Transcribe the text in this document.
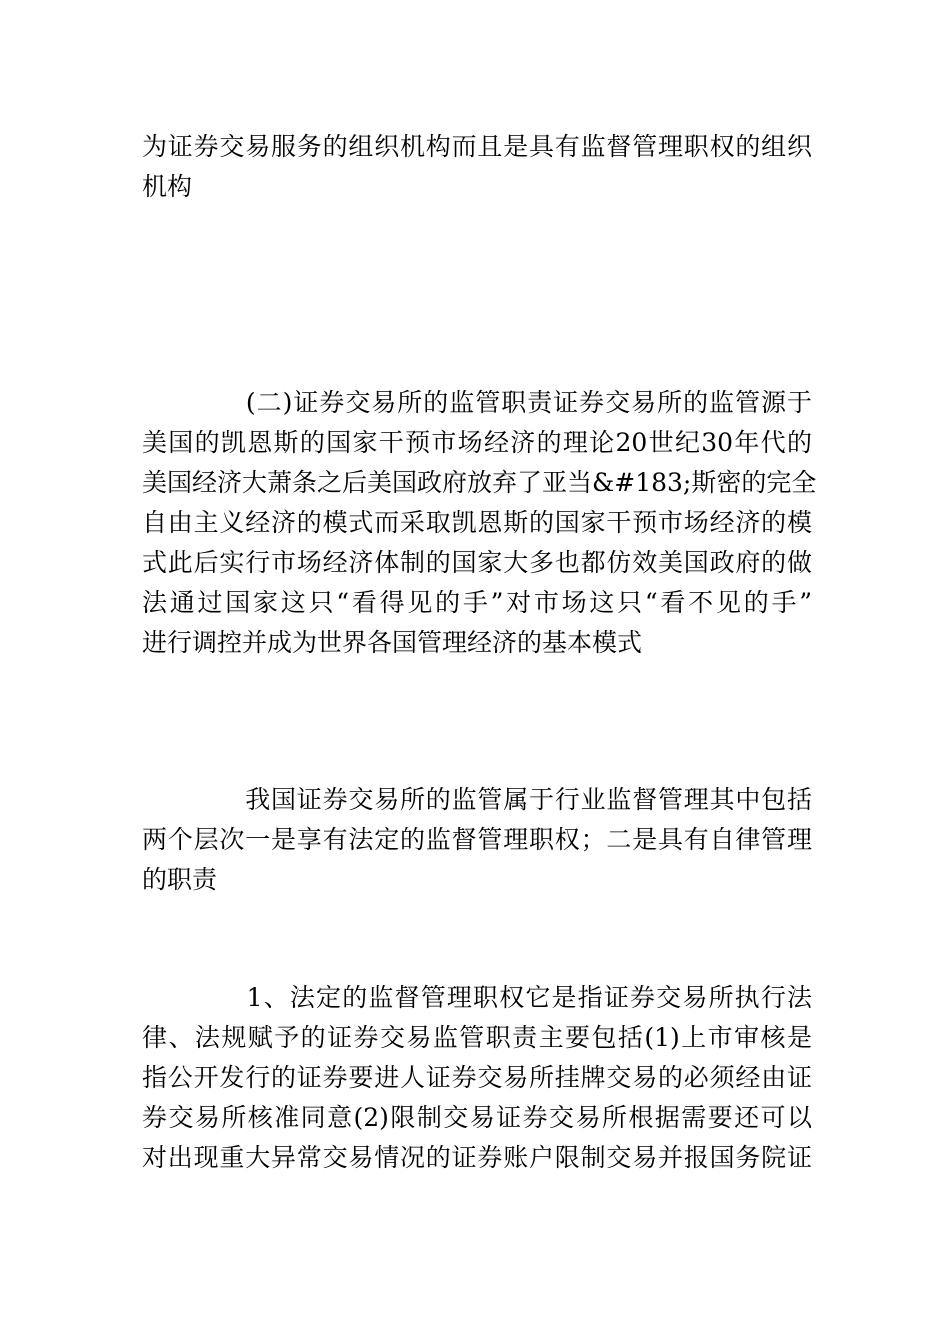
为证券交易服务的组织机构而且是具有监督管理职权的组织
机构
　　　　(二)证券交易所的监管职责证券交易所的监管源于
美国的凯恩斯的国家干预市场经济的理论20世纪30年代的
美国经济大萧条之后美国政府放弃了亚当&#183;斯密的完全
自由主义经济的模式而采取凯恩斯的国家干预市场经济的模
式此后实行市场经济体制的国家大多也都仿效美国政府的做
法通过国家这只“看得见的手”对市场这只“看不见的手”
进行调控并成为世界各国管理经济的基本模式
　　　　我国证券交易所的监管属于行业监督管理其中包括
两个层次一是享有法定的监督管理职权；二是具有自律管理
的职责
　　　　1、法定的监督管理职权它是指证券交易所执行法
律、法规赋予的证券交易监管职责主要包括(1)上市审核是
指公开发行的证券要进人证券交易所挂牌交易的必须经由证
券交易所核准同意(2)限制交易证券交易所根据需要还可以
对出现重大异常交易情况的证券账户限制交易并报国务院证
